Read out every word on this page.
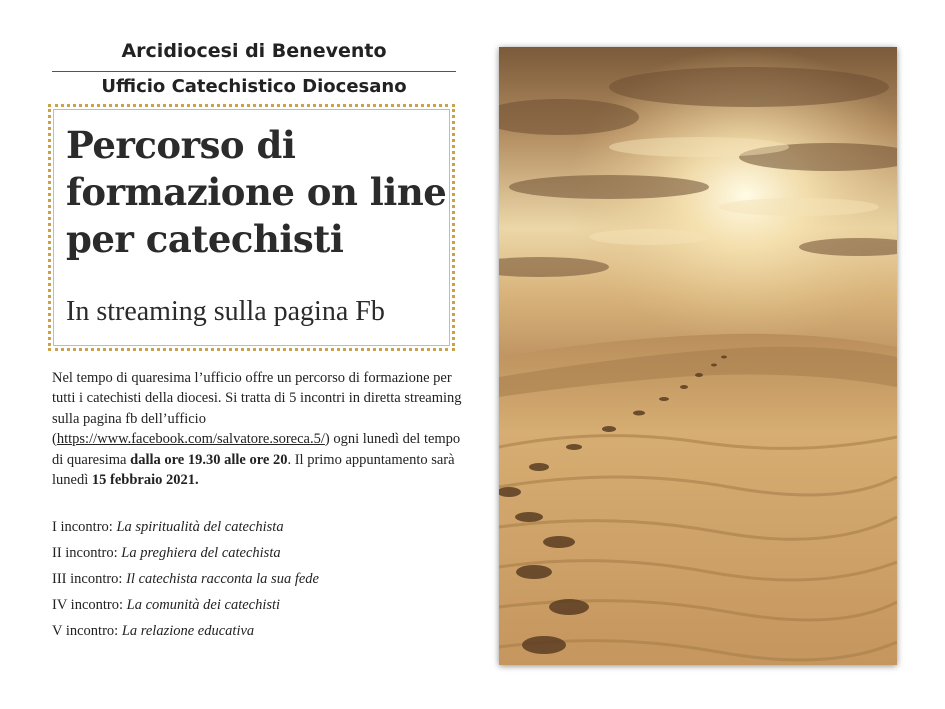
Arcidiocesi di Benevento
Ufficio Catechistico Diocesano
Percorso di formazione on line per catechisti
In streaming sulla pagina Fb

Nel tempo di quaresima l’ufficio offre un percorso di formazione per tutti i catechisti della diocesi. Si tratta di 5 incontri in diretta streaming sulla pagina fb dell’ufficio (https://www.facebook.com/salvatore.soreca.5/) ogni lunedì del tempo di quaresima dalla ore 19.30 alle ore 20. Il primo appuntamento sarà lunedì 15 febbraio 2021.

I incontro: La spiritualità del catechista
II incontro: La preghiera del catechista
III incontro: Il catechista racconta la sua fede
IV incontro: La comunità dei catechisti
V incontro: La relazione educativa
